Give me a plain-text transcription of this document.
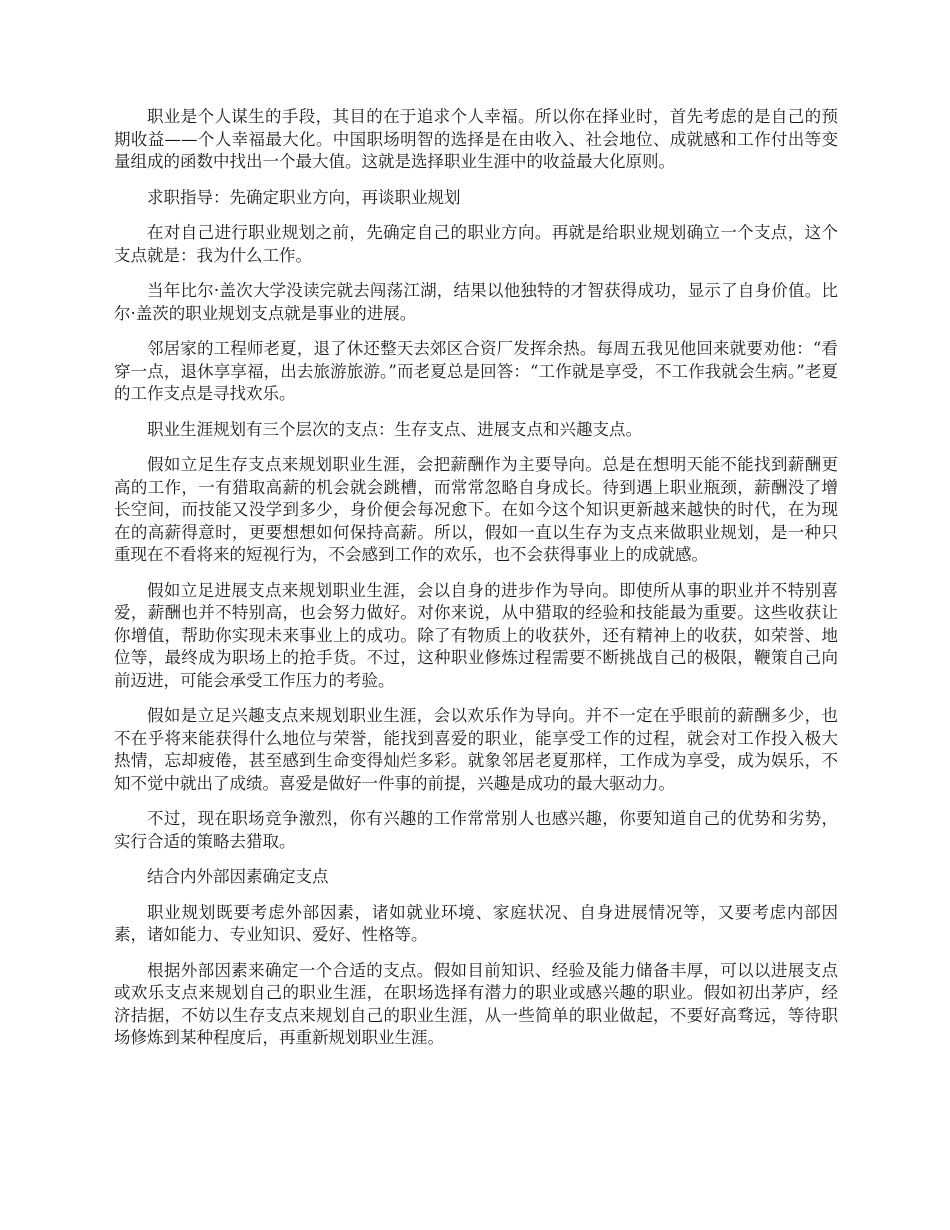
职业是个人谋生的手段，其目的在于追求个人幸福。所以你在择业时，首先考虑的是自己的预期收益——个人幸福最大化。中国职场明智的选择是在由收入、社会地位、成就感和工作付出等变量组成的函数中找出一个最大值。这就是选择职业生涯中的收益最大化原则。

求职指导：先确定职业方向，再谈职业规划

在对自己进行职业规划之前，先确定自己的职业方向。再就是给职业规划确立一个支点，这个支点就是：我为什么工作。

当年比尔·盖次大学没读完就去闯荡江湖，结果以他独特的才智获得成功，显示了自身价值。比尔·盖茨的职业规划支点就是事业的进展。

邻居家的工程师老夏，退了休还整天去郊区合资厂发挥余热。每周五我见他回来就要劝他：“看穿一点，退休享享福，出去旅游旅游。”而老夏总是回答：“工作就是享受，不工作我就会生病。”老夏的工作支点是寻找欢乐。

职业生涯规划有三个层次的支点：生存支点、进展支点和兴趣支点。

假如立足生存支点来规划职业生涯，会把薪酬作为主要导向。总是在想明天能不能找到薪酬更高的工作，一有猎取高薪的机会就会跳槽，而常常忽略自身成长。待到遇上职业瓶颈，薪酬没了增长空间，而技能又没学到多少，身价便会每况愈下。在如今这个知识更新越来越快的时代，在为现在的高薪得意时，更要想想如何保持高薪。所以，假如一直以生存为支点来做职业规划，是一种只重现在不看将来的短视行为，不会感到工作的欢乐，也不会获得事业上的成就感。

假如立足进展支点来规划职业生涯，会以自身的进步作为导向。即使所从事的职业并不特别喜爱，薪酬也并不特别高，也会努力做好。对你来说，从中猎取的经验和技能最为重要。这些收获让你增值，帮助你实现未来事业上的成功。除了有物质上的收获外，还有精神上的收获，如荣誉、地位等，最终成为职场上的抢手货。不过，这种职业修炼过程需要不断挑战自己的极限，鞭策自己向前迈进，可能会承受工作压力的考验。

假如是立足兴趣支点来规划职业生涯，会以欢乐作为导向。并不一定在乎眼前的薪酬多少，也不在乎将来能获得什么地位与荣誉，能找到喜爱的职业，能享受工作的过程，就会对工作投入极大热情，忘却疲倦，甚至感到生命变得灿烂多彩。就象邻居老夏那样，工作成为享受，成为娱乐，不知不觉中就出了成绩。喜爱是做好一件事的前提，兴趣是成功的最大驱动力。

不过，现在职场竞争激烈，你有兴趣的工作常常别人也感兴趣，你要知道自己的优势和劣势，实行合适的策略去猎取。

结合内外部因素确定支点

职业规划既要考虑外部因素，诸如就业环境、家庭状况、自身进展情况等，又要考虑内部因素，诸如能力、专业知识、爱好、性格等。

根据外部因素来确定一个合适的支点。假如目前知识、经验及能力储备丰厚，可以以进展支点或欢乐支点来规划自己的职业生涯，在职场选择有潜力的职业或感兴趣的职业。假如初出茅庐，经济拮据，不妨以生存支点来规划自己的职业生涯，从一些简单的职业做起，不要好高骛远，等待职场修炼到某种程度后，再重新规划职业生涯。
